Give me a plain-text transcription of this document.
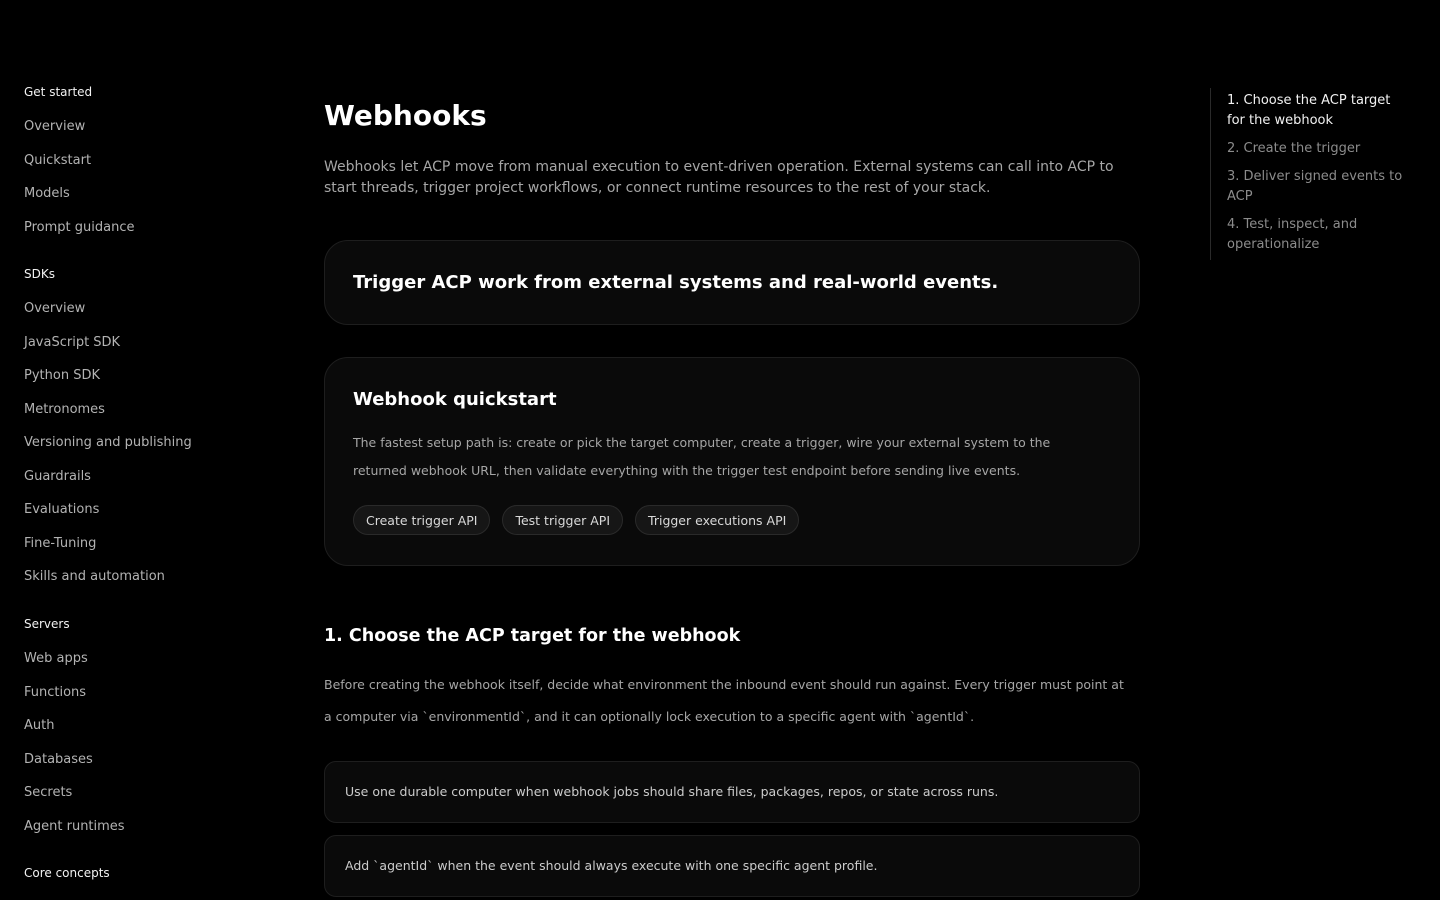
Get started
Overview
Quickstart
Models
Prompt guidance
SDKs
Overview
JavaScript SDK
Python SDK
Metronomes
Versioning and publishing
Guardrails
Evaluations
Fine-Tuning
Skills and automation
Servers
Web apps
Functions
Auth
Databases
Secrets
Agent runtimes
Core concepts
Webhooks

Webhooks let ACP move from manual execution to event-driven operation. External systems can call into ACP to start threads, trigger project workflows, or connect runtime resources to the rest of your stack.

Trigger ACP work from external systems and real-world events.

Webhook quickstart

The fastest setup path is: create or pick the target computer, create a trigger, wire your external system to the returned webhook URL, then validate everything with the trigger test endpoint before sending live events.

Create trigger API	Test trigger API	Trigger executions API
1. Choose the ACP target for the webhook

Before creating the webhook itself, decide what environment the inbound event should run against. Every trigger must point at a computer via `environmentId`, and it can optionally lock execution to a specific agent with `agentId`.

Use one durable computer when webhook jobs should share files, packages, repos, or state across runs.

Add `agentId` when the event should always execute with one specific agent profile.

1. Choose the ACP target for the webhook
2. Create the trigger
3. Deliver signed events to ACP
4. Test, inspect, and operationalize
